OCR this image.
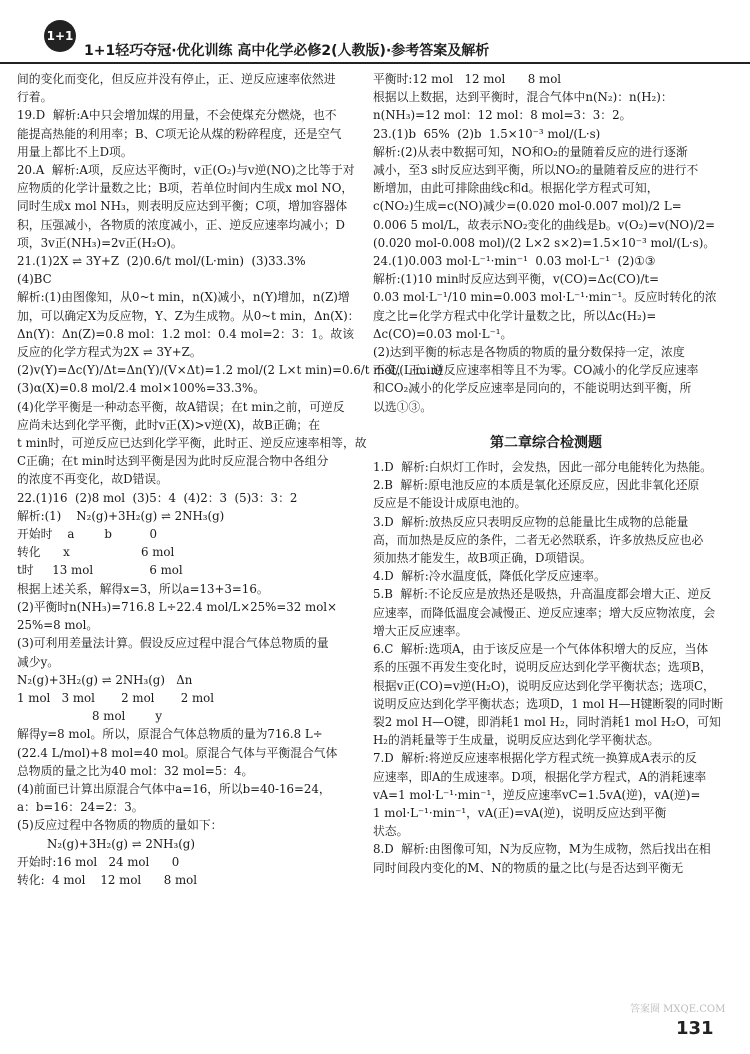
1+1
1+1轻巧夺冠·优化训练 高中化学必修2(人教版)·参考答案及解析

间的变化而变化，但反应并没有停止，正、逆反应速率依然进

行着。

19.D  解析:A中只会增加煤的用量，不会使煤充分燃烧，也不

能提高热能的利用率；B、C项无论从煤的粉碎程度，还是空气

用量上都比不上D项。

20.A  解析:A项，反应达平衡时，v正(O₂)与v逆(NO)之比等于对

应物质的化学计量数之比；B项，若单位时间内生成x mol NO，

同时生成x mol NH₃，则表明反应达到平衡；C项，增加容器体

积，压强减小，各物质的浓度减小，正、逆反应速率均减小；D

项，3v正(NH₃)=2v正(H₂O)。

21.(1)2X ⇌ 3Y+Z  (2)0.6/t mol/(L·min)  (3)33.3%

(4)BC

解析:(1)由图像知，从0~t min，n(X)减小，n(Y)增加，n(Z)增

加，可以确定X为反应物，Y、Z为生成物。从0~t min，Δn(X)：

Δn(Y)：Δn(Z)=0.8 mol：1.2 mol：0.4 mol=2：3：1。故该

反应的化学方程式为2X ⇌ 3Y+Z。

(2)v(Y)=Δc(Y)/Δt=Δn(Y)/(V×Δt)=1.2 mol/(2 L×t min)=0.6/t mol/(L·min)

(3)α(X)=0.8 mol/2.4 mol×100%=33.3%。

(4)化学平衡是一种动态平衡，故A错误；在t min之前，可逆反

应尚未达到化学平衡，此时v正(X)>v逆(X)，故B正确；在

t min时，可逆反应已达到化学平衡，此时正、逆反应速率相等，故

C正确；在t min时达到平衡是因为此时反应混合物中各组分

的浓度不再变化，故D错误。

22.(1)16  (2)8 mol  (3)5：4  (4)2：3  (5)3：3：2

解析:(1)    N₂(g)+3H₂(g) ⇌ 2NH₃(g)

开始时    a        b          0

转化      x                   6 mol

t时     13 mol               6 mol

根据上述关系，解得x=3，所以a=13+3=16。

(2)平衡时n(NH₃)=716.8 L÷22.4 mol/L×25%=32 mol×

25%=8 mol。

(3)可利用差量法计算。假设反应过程中混合气体总物质的量

减少y。

N₂(g)+3H₂(g) ⇌ 2NH₃(g)   Δn

1 mol   3 mol       2 mol       2 mol

8 mol        y

解得y=8 mol。所以，原混合气体总物质的量为716.8 L÷

(22.4 L/mol)+8 mol=40 mol。原混合气体与平衡混合气体

总物质的量之比为40 mol：32 mol=5：4。

(4)前面已计算出原混合气体中a=16，所以b=40-16=24，

a：b=16：24=2：3。

(5)反应过程中各物质的物质的量如下：

N₂(g)+3H₂(g) ⇌ 2NH₃(g)

开始时:16 mol   24 mol      0

转化:  4 mol    12 mol      8 mol

平衡时:12 mol   12 mol      8 mol

根据以上数据，达到平衡时，混合气体中n(N₂)：n(H₂)：

n(NH₃)=12 mol：12 mol：8 mol=3：3：2。

23.(1)b  65%  (2)b  1.5×10⁻³ mol/(L·s)

解析:(2)从表中数据可知，NO和O₂的量随着反应的进行逐渐

减小，至3 s时反应达到平衡，所以NO₂的量随着反应的进行不

断增加，由此可排除曲线c和d。根据化学方程式可知，

c(NO₂)生成=c(NO)减少=(0.020 mol-0.007 mol)/2 L=

0.006 5 mol/L，故表示NO₂变化的曲线是b。v(O₂)=v(NO)/2=

(0.020 mol-0.008 mol)/(2 L×2 s×2)=1.5×10⁻³ mol/(L·s)。

24.(1)0.003 mol·L⁻¹·min⁻¹  0.03 mol·L⁻¹  (2)①③

解析:(1)10 min时反应达到平衡，v(CO)=Δc(CO)/t=

0.03 mol·L⁻¹/10 min=0.003 mol·L⁻¹·min⁻¹。反应时转化的浓

度之比=化学方程式中化学计量数之比，所以Δc(H₂)=

Δc(CO)=0.03 mol·L⁻¹。

(2)达到平衡的标志是各物质的物质的量分数保持一定，浓度

不变，正、逆反应速率相等且不为零。CO减小的化学反应速率

和CO₂减小的化学反应速率是同向的，不能说明达到平衡，所

以选①③。

第二章综合检测题

1.D  解析:白炽灯工作时，会发热，因此一部分电能转化为热能。

2.B  解析:原电池反应的本质是氧化还原反应，因此非氧化还原

反应是不能设计成原电池的。

3.D  解析:放热反应只表明反应物的总能量比生成物的总能量

高，而加热是反应的条件，二者无必然联系，许多放热反应也必

须加热才能发生，故B项正确，D项错误。

4.D  解析:冷水温度低，降低化学反应速率。

5.B  解析:不论反应是放热还是吸热，升高温度都会增大正、逆反

应速率，而降低温度会减慢正、逆反应速率；增大反应物浓度，会

增大正反应速率。

6.C  解析:选项A，由于该反应是一个气体体积增大的反应，当体

系的压强不再发生变化时，说明反应达到化学平衡状态；选项B，

根据v正(CO)=v逆(H₂O)，说明反应达到化学平衡状态；选项C，

说明反应达到化学平衡状态；选项D，1 mol H—H键断裂的同时断

裂2 mol H—O键，即消耗1 mol H₂，同时消耗1 mol H₂O，可知

H₂的消耗量等于生成量，说明反应达到化学平衡状态。

7.D  解析:将逆反应速率根据化学方程式统一换算成A表示的反

应速率，即A的生成速率。D项，根据化学方程式，A的消耗速率

vA=1 mol·L⁻¹·min⁻¹，逆反应速率vC=1.5vA(逆)，vA(逆)=

1 mol·L⁻¹·min⁻¹，vA(正)=vA(逆)，说明反应达到平衡

状态。

8.D  解析:由图像可知，N为反应物，M为生成物，然后找出在相

同时间段内变化的M、N的物质的量之比(与是否达到平衡无

131
答案圈 MXQE.COM
